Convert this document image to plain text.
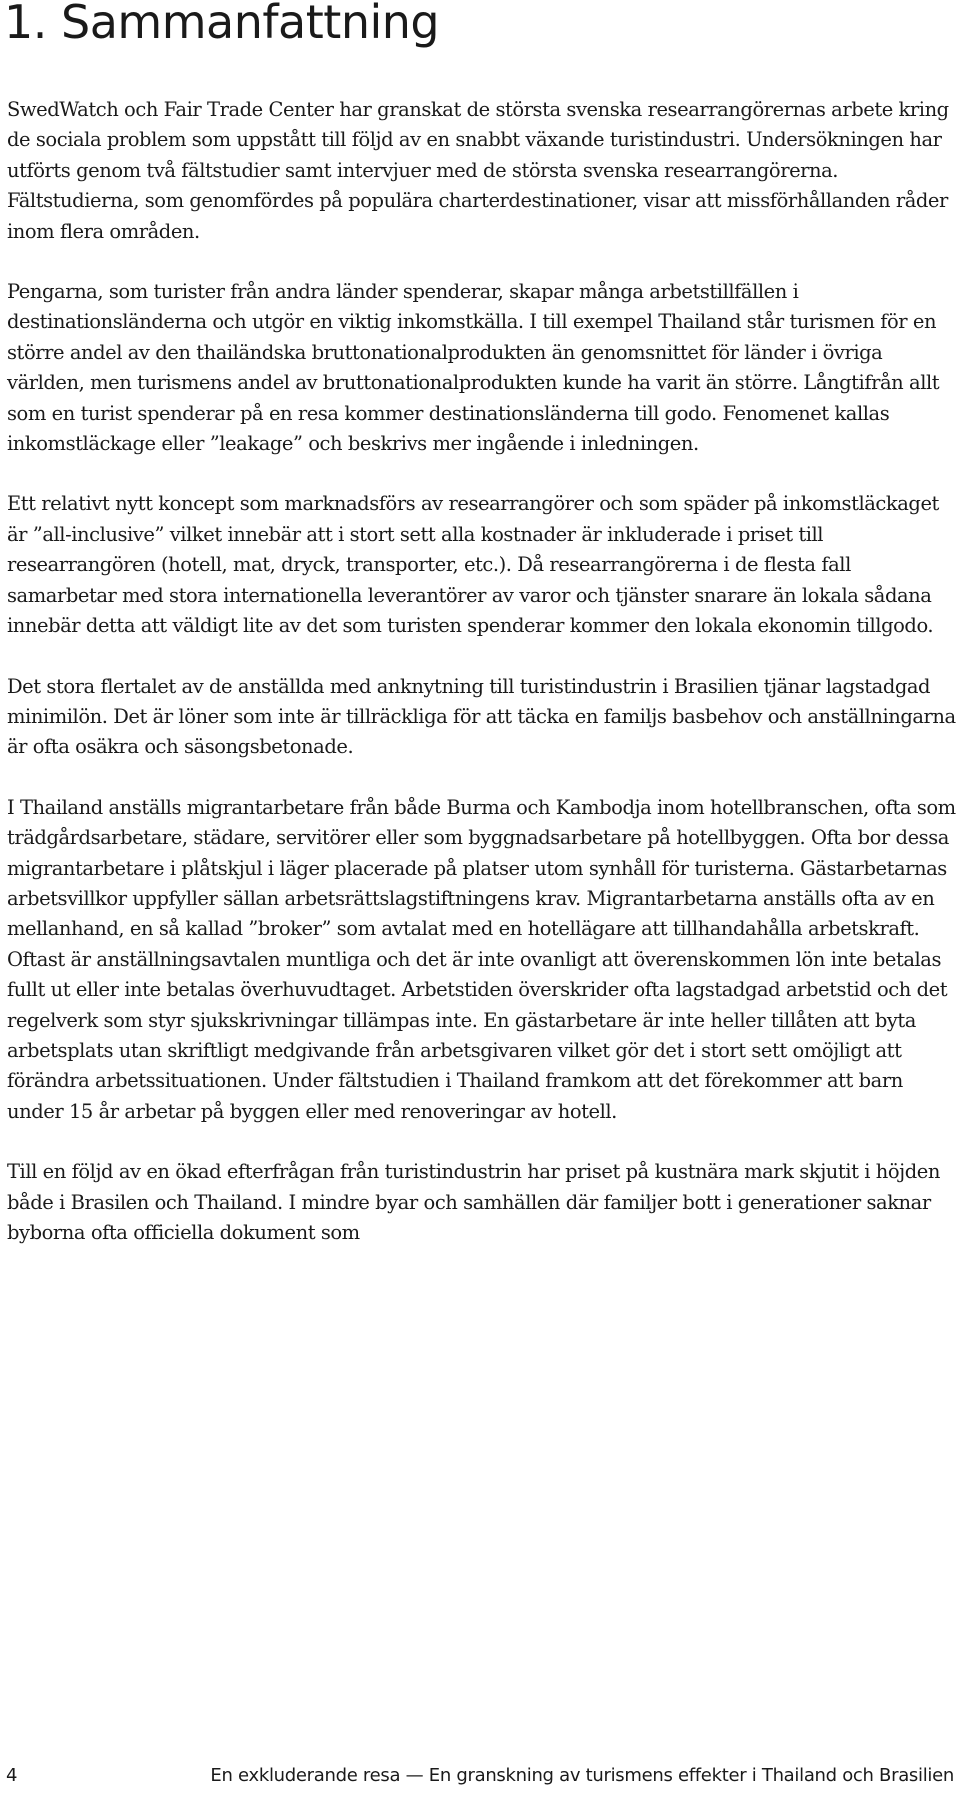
1. Sammanfattning

SwedWatch och Fair Trade Center har granskat de största svenska researrangörernas arbete kring de sociala problem som uppstått till följd av en snabbt växande turistindustri. Undersökningen har utförts genom två fältstudier samt intervjuer med de största svenska researrangörerna. Fältstudierna, som genomfördes på populära charterdestinationer, visar att missförhållanden råder inom flera områden.

Pengarna, som turister från andra länder spenderar, skapar många arbetstillfällen i destinationsländerna och utgör en viktig inkomstkälla. I till exempel Thailand står turismen för en större andel av den thailändska bruttonationalprodukten än genomsnittet för länder i övriga världen, men turismens andel av bruttonationalprodukten kunde ha varit än större. Långtifrån allt som en turist spenderar på en resa kommer destinationsländerna till godo. Fenomenet kallas inkomstläckage eller ”leakage” och beskrivs mer ingående i inledningen.

Ett relativt nytt koncept som marknadsförs av researrangörer och som späder på inkomstläckaget är ”all-inclusive” vilket innebär att i stort sett alla kostnader är inkluderade i priset till researrangören (hotell, mat, dryck, transporter, etc.). Då researrangörerna i de flesta fall samarbetar med stora internationella leverantörer av varor och tjänster snarare än lokala sådana innebär detta att väldigt lite av det som turisten spenderar kommer den lokala ekonomin tillgodo.

Det stora flertalet av de anställda med anknytning till turistindustrin i Brasilien tjänar lagstadgad minimilön. Det är löner som inte är tillräckliga för att täcka en familjs basbehov och anställningarna är ofta osäkra och säsongsbetonade.

I Thailand anställs migrantarbetare från både Burma och Kambodja inom hotellbranschen, ofta som trädgårdsarbetare, städare, servitörer eller som byggnadsarbetare på hotellbyggen. Ofta bor dessa migrantarbetare i plåtskjul i läger placerade på platser utom synhåll för turisterna. Gästarbetarnas arbetsvillkor uppfyller sällan arbetsrättslagstiftningens krav. Migrantarbetarna anställs ofta av en mellanhand, en så kallad ”broker” som avtalat med en hotellägare att tillhandahålla arbetskraft. Oftast är anställningsavtalen muntliga och det är inte ovanligt att överenskommen lön inte betalas fullt ut eller inte betalas överhuvudtaget. Arbetstiden överskrider ofta lagstadgad arbetstid och det regelverk som styr sjukskrivningar tillämpas inte. En gästarbetare är inte heller tillåten att byta arbetsplats utan skriftligt medgivande från arbetsgivaren vilket gör det i stort sett omöjligt att förändra arbetssituationen. Under fältstudien i Thailand framkom att det förekommer att barn under 15 år arbetar på byggen eller med renoveringar av hotell.

Till en följd av en ökad efterfrågan från turistindustrin har priset på kustnära mark skjutit i höjden både i Brasilen och Thailand. I mindre byar och samhällen där familjer bott i generationer saknar byborna ofta officiella dokument som

4	En exkluderande resa — En granskning av turismens effekter i Thailand och Brasilien
